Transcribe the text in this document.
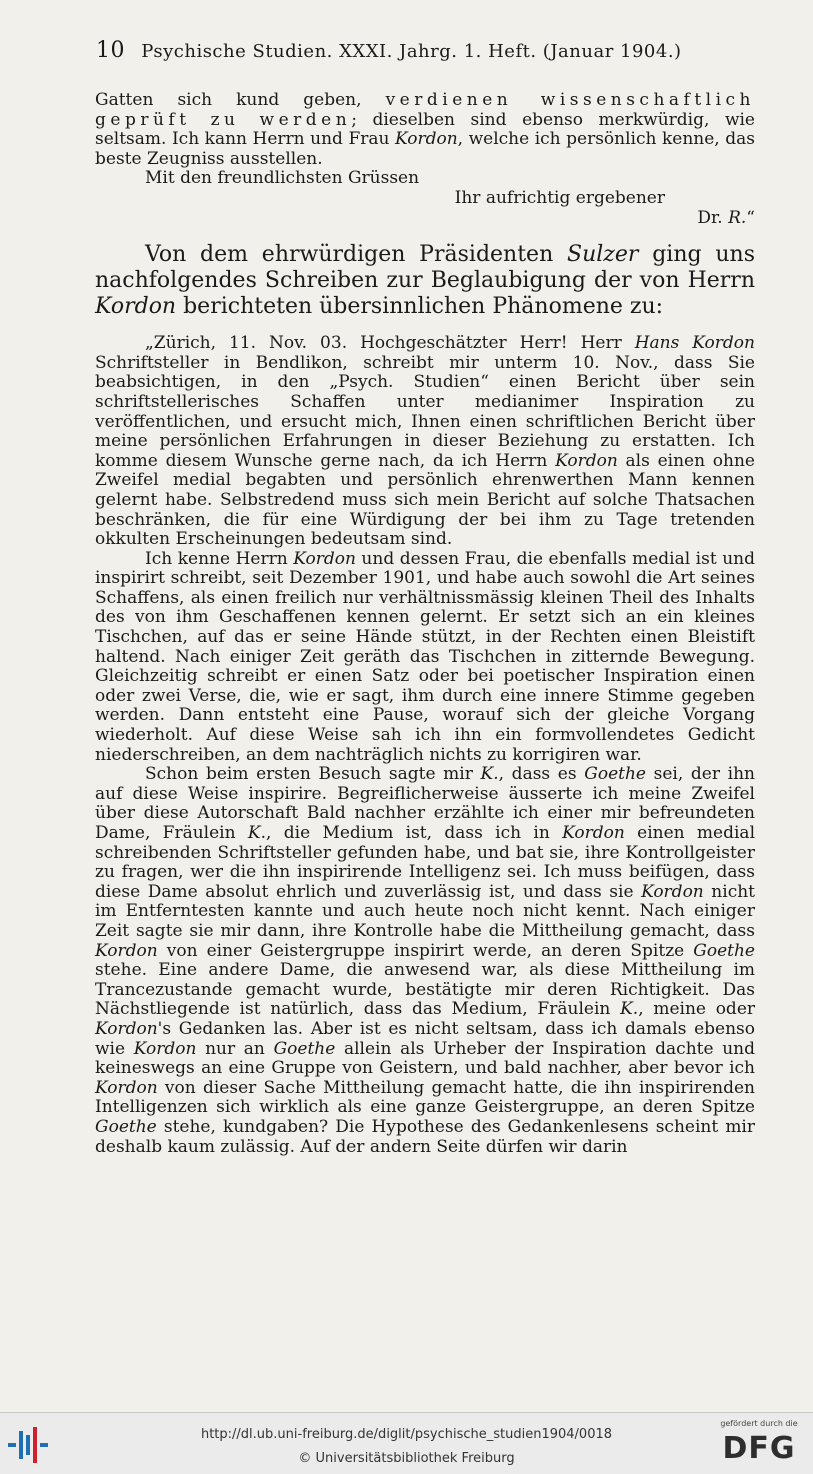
10 Psychische Studien. XXXI. Jahrg. 1. Heft. (Januar 1904.)

Gatten sich kund geben, verdienen wissenschaftlich geprüft zu werden; dieselben sind ebenso merkwürdig, wie seltsam. Ich kann Herrn und Frau Kordon, welche ich persönlich kenne, das beste Zeugniss ausstellen.

Mit den freundlichsten Grüssen

Ihr aufrichtig ergebener

Dr. R.“

Von dem ehrwürdigen Präsidenten Sulzer ging uns nachfolgendes Schreiben zur Beglaubigung der von Herrn Kordon berichteten übersinnlichen Phänomene zu:

„Zürich, 11. Nov. 03. Hochgeschätzter Herr! Herr Hans Kordon Schriftsteller in Bendlikon, schreibt mir unterm 10. Nov., dass Sie beabsichtigen, in den „Psych. Studien“ einen Bericht über sein schriftstellerisches Schaffen unter medianimer Inspiration zu veröffentlichen, und ersucht mich, Ihnen einen schriftlichen Bericht über meine persönlichen Erfahrungen in dieser Beziehung zu erstatten. Ich komme diesem Wunsche gerne nach, da ich Herrn Kordon als einen ohne Zweifel medial begabten und persönlich ehrenwerthen Mann kennen gelernt habe. Selbstredend muss sich mein Bericht auf solche Thatsachen beschränken, die für eine Würdigung der bei ihm zu Tage tretenden okkulten Erscheinungen bedeutsam sind.

Ich kenne Herrn Kordon und dessen Frau, die ebenfalls medial ist und inspirirt schreibt, seit Dezember 1901, und habe auch sowohl die Art seines Schaffens, als einen freilich nur verhältnissmässig kleinen Theil des Inhalts des von ihm Geschaffenen kennen gelernt. Er setzt sich an ein kleines Tischchen, auf das er seine Hände stützt, in der Rechten einen Bleistift haltend. Nach einiger Zeit geräth das Tischchen in zitternde Bewegung. Gleichzeitig schreibt er einen Satz oder bei poetischer Inspiration einen oder zwei Verse, die, wie er sagt, ihm durch eine innere Stimme gegeben werden. Dann entsteht eine Pause, worauf sich der gleiche Vorgang wiederholt. Auf diese Weise sah ich ihn ein formvollendetes Gedicht niederschreiben, an dem nachträglich nichts zu korrigiren war.

Schon beim ersten Besuch sagte mir K., dass es Goethe sei, der ihn auf diese Weise inspirire. Begreiflicherweise äusserte ich meine Zweifel über diese Autorschaft Bald nachher erzählte ich einer mir befreundeten Dame, Fräulein K., die Medium ist, dass ich in Kordon einen medial schreibenden Schriftsteller gefunden habe, und bat sie, ihre Kontrollgeister zu fragen, wer die ihn inspirirende Intelligenz sei. Ich muss beifügen, dass diese Dame absolut ehrlich und zuverlässig ist, und dass sie Kordon nicht im Entferntesten kannte und auch heute noch nicht kennt. Nach einiger Zeit sagte sie mir dann, ihre Kontrolle habe die Mittheilung gemacht, dass Kordon von einer Geistergruppe inspirirt werde, an deren Spitze Goethe stehe. Eine andere Dame, die anwesend war, als diese Mittheilung im Trancezustande gemacht wurde, bestätigte mir deren Richtigkeit. Das Nächstliegende ist natürlich, dass das Medium, Fräulein K., meine oder Kordon's Gedanken las. Aber ist es nicht seltsam, dass ich damals ebenso wie Kordon nur an Goethe allein als Urheber der Inspiration dachte und keineswegs an eine Gruppe von Geistern, und bald nachher, aber bevor ich Kordon von dieser Sache Mittheilung gemacht hatte, die ihn inspirirenden Intelligenzen sich wirklich als eine ganze Geistergruppe, an deren Spitze Goethe stehe, kundgaben? Die Hypothese des Gedankenlesens scheint mir deshalb kaum zulässig. Auf der andern Seite dürfen wir darin

http://dl.ub.uni-freiburg.de/diglit/psychische_studien1904/0018
© Universitätsbibliothek Freiburg
gefördert durch die
DFG
